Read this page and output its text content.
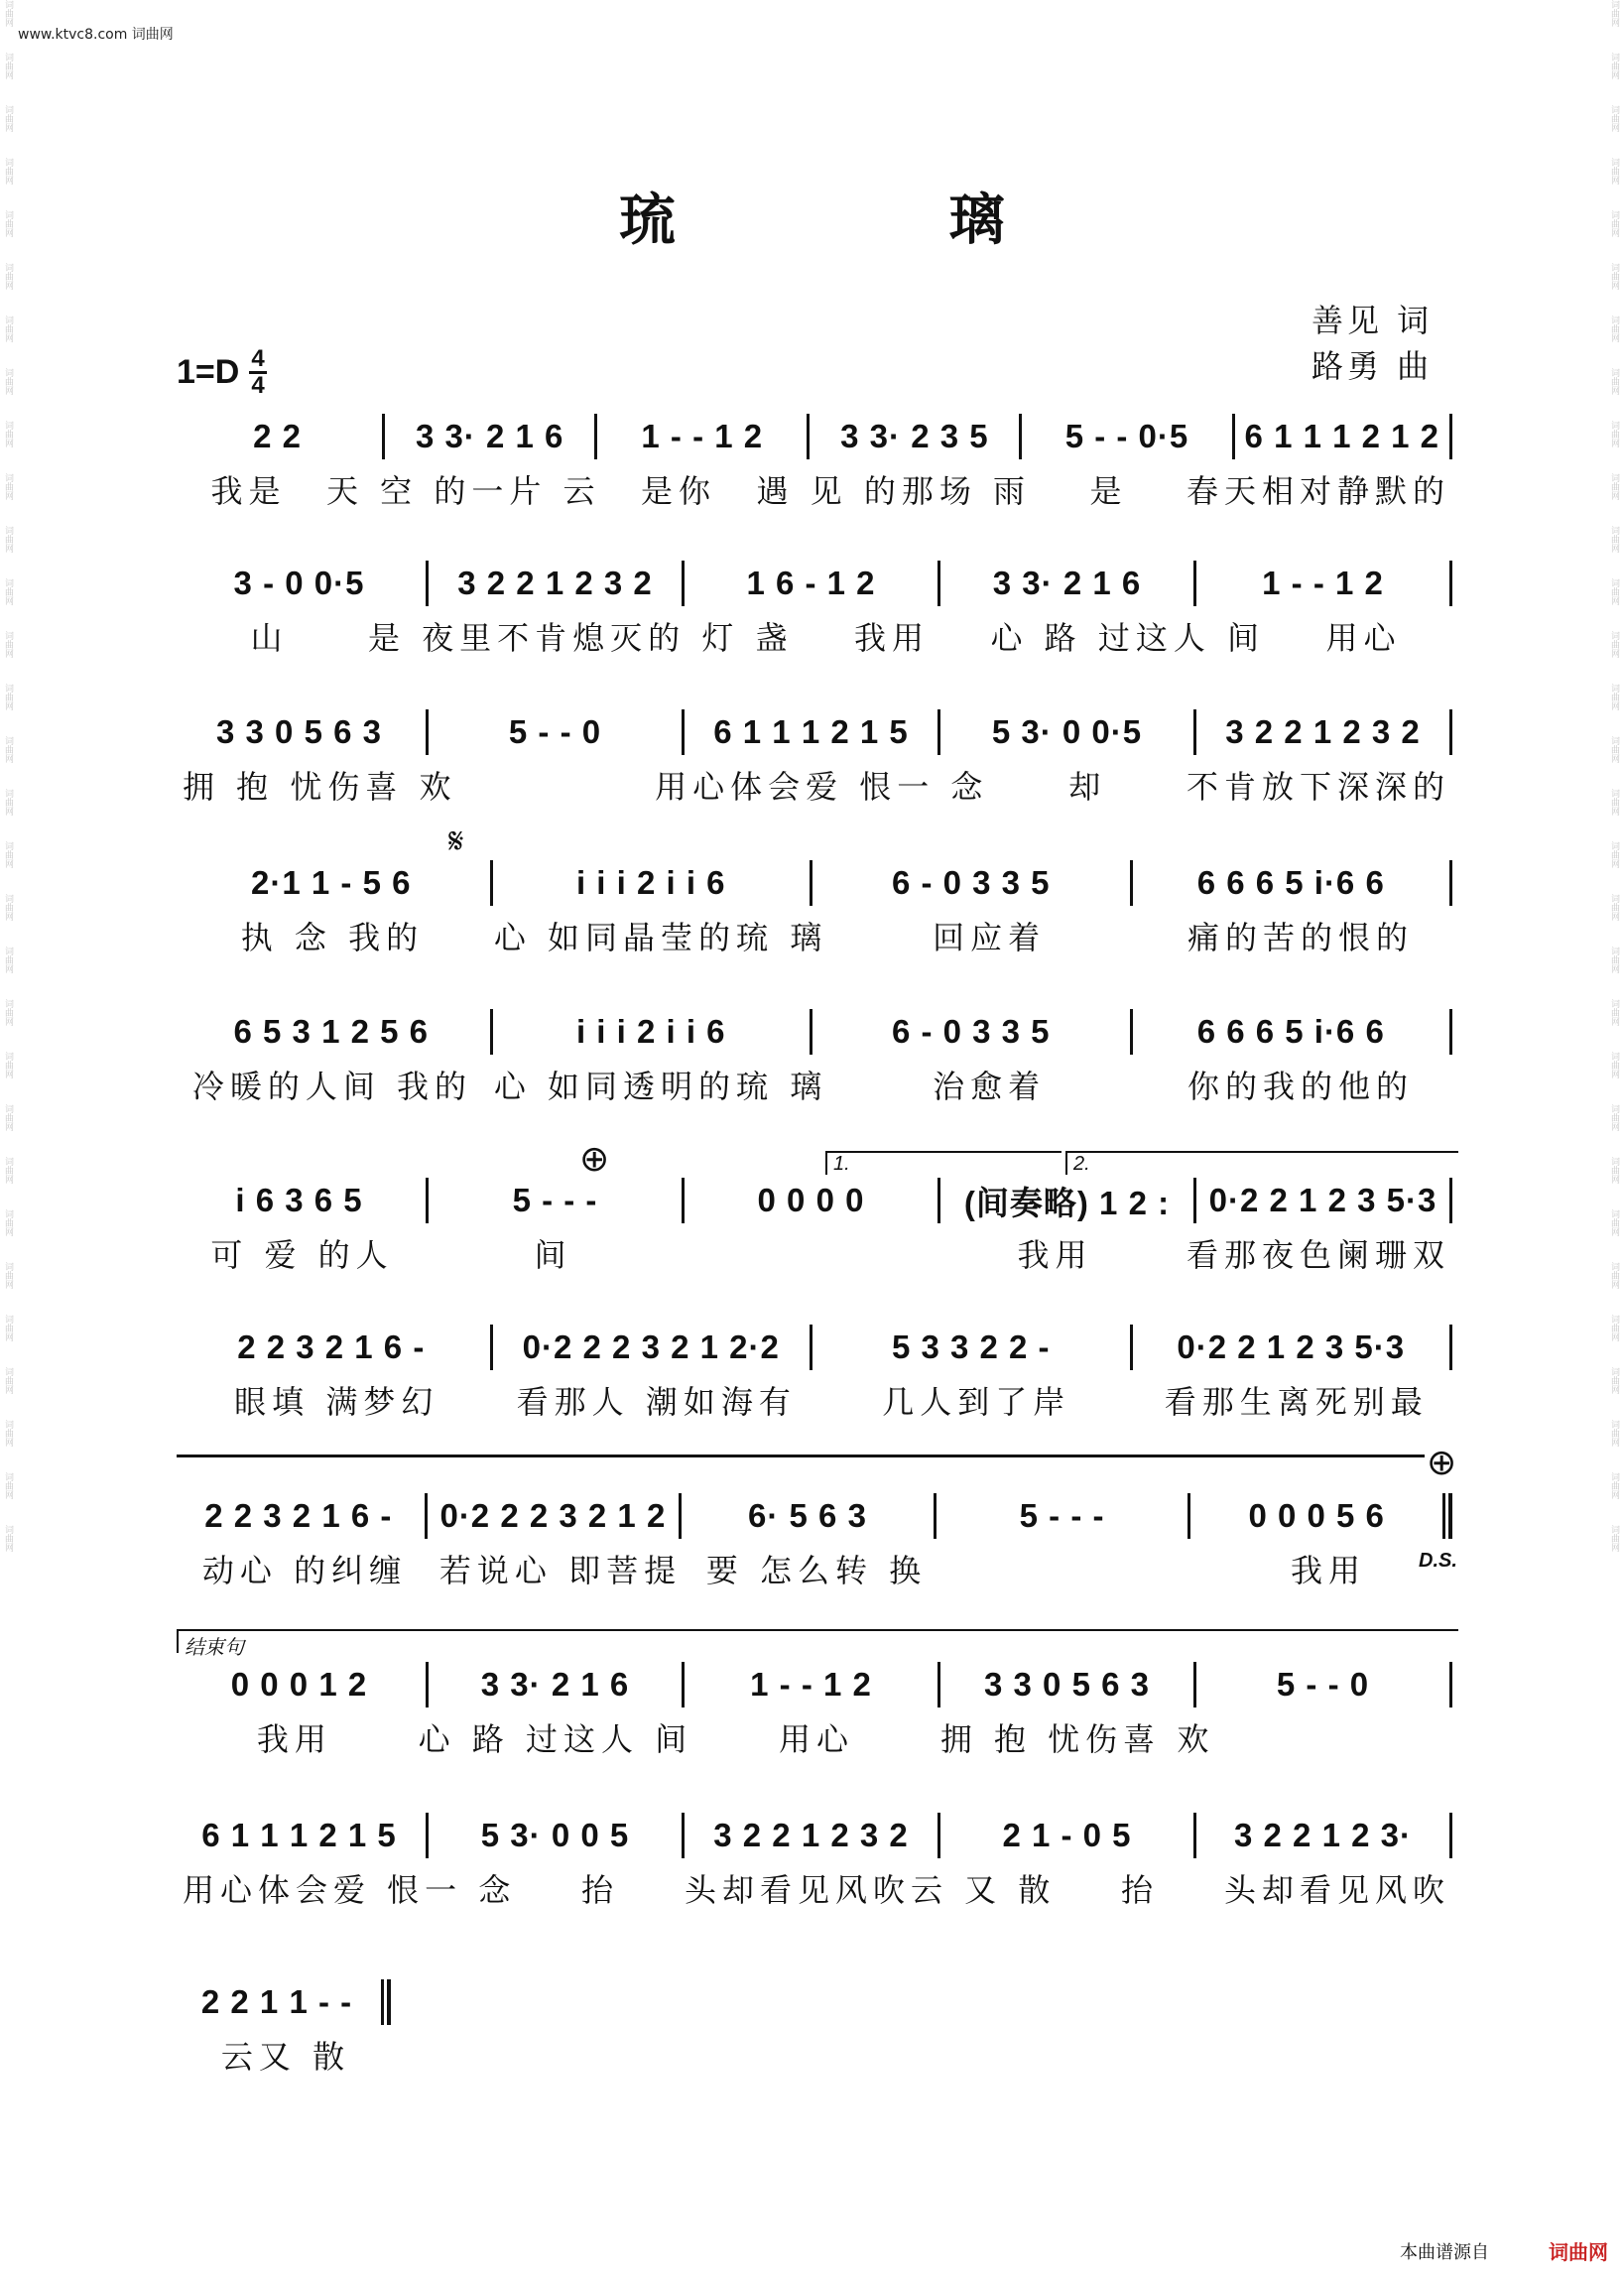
词曲网
词曲网
词曲网
词曲网
词曲网
词曲网
词曲网
词曲网
词曲网
词曲网
词曲网
词曲网
词曲网
词曲网
词曲网
词曲网
词曲网
词曲网
词曲网
词曲网
词曲网
词曲网
词曲网
词曲网
词曲网
词曲网
词曲网
词曲网
词曲网
词曲网
词曲网
词曲网
词曲网
词曲网
词曲网
词曲网
词曲网
词曲网
词曲网
词曲网
词曲网
词曲网
词曲网
词曲网
词曲网
词曲网
词曲网
词曲网
词曲网
词曲网
词曲网
词曲网
词曲网
词曲网
词曲网
词曲网
词曲网
词曲网
词曲网
词曲网
www.ktvc8.com 词曲网
琉　璃
善见 词
路勇 曲
$1=D \frac{4}{4}$
𝄋
⊕
⊕
1.	2.
D.S.
结束句
2 2	3 3· 2 1 6	1 - - 1 2	3 3· 2 3 5	5 - - 0·5	6 1 1 1 2 1 2
我是	天 空 的一片 云	是你	遇 见 的那场 雨	是	春天相对静默的
3 - 0 0·5	3 2 2 1 2 3 2	1 6 - 1 2	3 3· 2 1 6	1 - - 1 2
山	是 夜里不肯熄灭的 灯 盏	我用	心 路 过这人 间	用心
3 3 0 5 6 3	5 - - 0	6 1 1 1 2 1 5	5 3· 0 0·5	3 2 2 1 2 3 2
拥 抱 忧伤喜 欢	用心体会爱 恨一 念	却	不肯放下深深的
2·1 1 - 5 6	i i i 2 i i 6	6 - 0 3 3 5	6 6 6 5 i·6 6
执 念 我的	心 如同晶莹的琉 璃	回应着	痛的苦的恨的
6 5 3 1 2 5 6	i i i 2 i i 6	6 - 0 3 3 5	6 6 6 5 i·6 6
冷暖的人间 我的 心 如同透明的琉 璃	治愈着	你的我的他的
i 6 3 6 5	5 - - -	0 0 0 0	(间奏略) 1 2 :	0·2 2 1 2 3 5·3
可 爱 的人	间	我用	看那夜色阑珊双
2 2 3 2 1 6 -	0·2 2 2 3 2 1 2·2	5 3 3 2 2 -	0·2 2 1 2 3 5·3
眼填 满梦幻	看那人 潮如海有	几人到了岸	看那生离死别最
2 2 3 2 1 6 -	0·2 2 2 3 2 1 2	6· 5 6 3	5 - - -	0 0 0 5 6
动心 的纠缠	若说心 即菩提 要 怎么转 换	我用
0 0 0 1 2	3 3· 2 1 6	1 - - 1 2	3 3 0 5 6 3	5 - - 0
我用	心 路 过这人 间	用心	拥 抱 忧伤喜 欢
6 1 1 1 2 1 5	5 3· 0 0 5	3 2 2 1 2 3 2	2 1 - 0 5	3 2 2 1 2 3·
用心体会爱 恨一 念	抬	头却看见风吹云 又 散	抬	头却看见风吹
2 2 1 1 - -
云又 散
本曲谱源自	词曲网
